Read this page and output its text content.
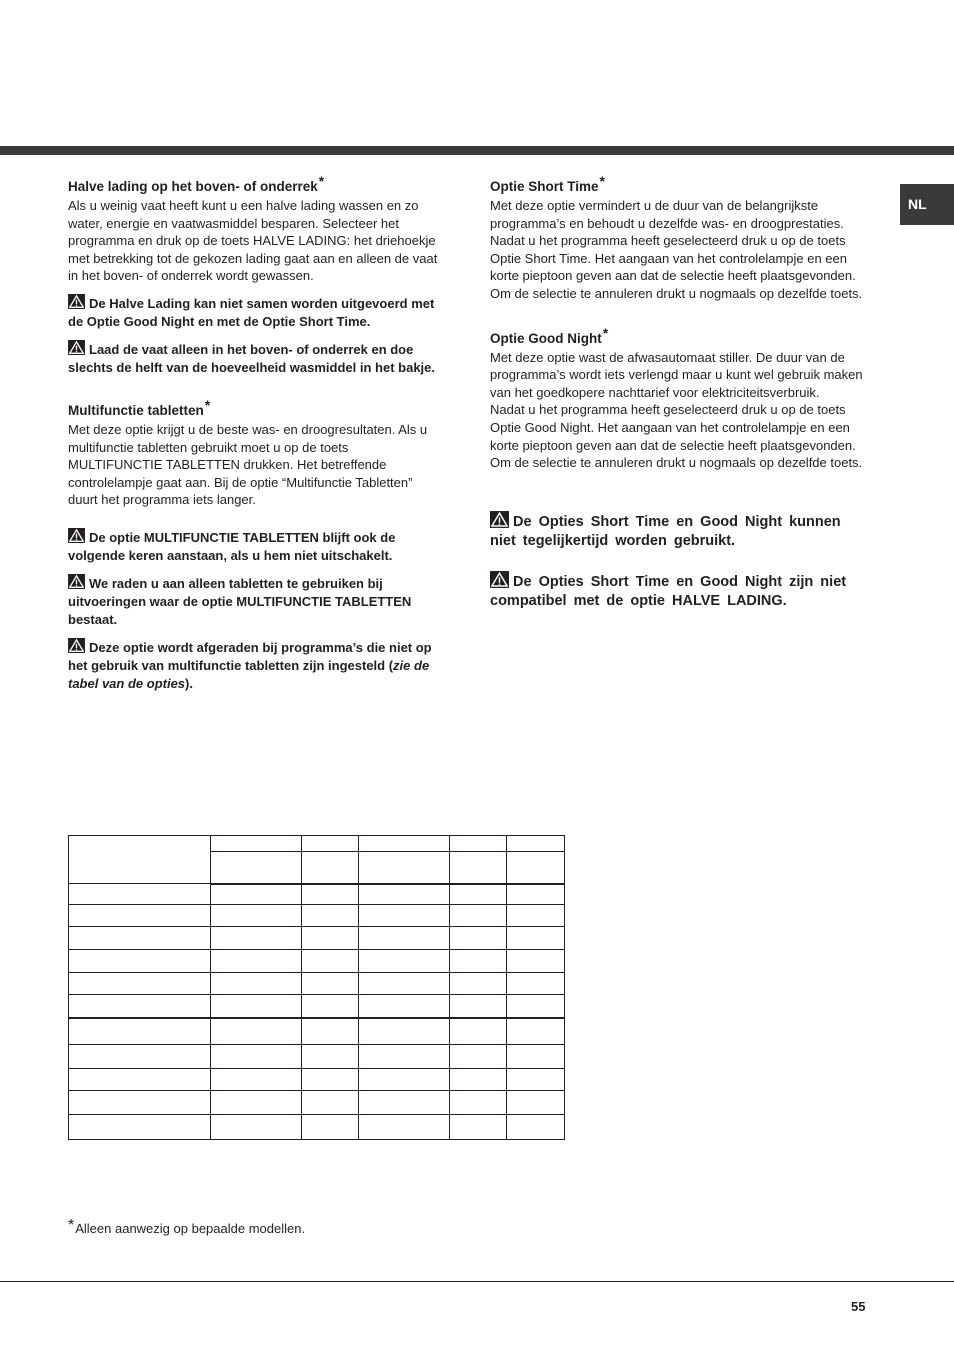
NL
Halve lading op het boven- of onderrek*

Als u weinig vaat heeft kunt u een halve lading wassen en zo water, energie en vaatwasmiddel besparen. Selecteer het programma en druk op de toets HALVE LADING: het driehoekje met betrekking tot de gekozen lading gaat aan en alleen de vaat in het boven- of onderrek wordt gewassen.

De Halve Lading kan niet samen worden uitgevoerd met de Optie Good Night en met de Optie Short Time.

Laad de vaat alleen in het boven- of onderrek en doe slechts de helft van de hoeveelheid wasmiddel in het bakje.

Multifunctie tabletten*

Met deze optie krijgt u de beste was- en droogresultaten. Als u multifunctie tabletten gebruikt moet u op de toets MULTIFUNCTIE TABLETTEN drukken. Het betreffende controlelampje gaat aan. Bij de optie “Multifunctie Tabletten” duurt het programma iets langer.

De optie MULTIFUNCTIE TABLETTEN blijft ook de volgende keren aanstaan, als u hem niet uitschakelt.

We raden u aan alleen tabletten te gebruiken bij uitvoeringen waar de optie MULTIFUNCTIE TABLETTEN bestaat.

Deze optie wordt afgeraden bij programma’s die niet op het gebruik van multifunctie tabletten zijn ingesteld (zie de tabel van de opties).

Optie Short Time*

Met deze optie vermindert u de duur van de belangrijkste programma’s en behoudt u dezelfde was- en droogprestaties. Nadat u het programma heeft geselecteerd druk u op de toets Optie Short Time. Het aangaan van het controlelampje en een korte pieptoon geven aan dat de selectie heeft plaatsgevonden.

Om de selectie te annuleren drukt u nogmaals op dezelfde toets.

Optie Good Night*

Met deze optie wast de afwasautomaat stiller. De duur van de programma’s wordt iets verlengd maar u kunt wel gebruik maken van het goedkopere nachttarief voor elektriciteitsverbruik.

Nadat u het programma heeft geselecteerd druk u op de toets Optie Good Night. Het aangaan van het controlelampje en een korte pieptoon geven aan dat de selectie heeft plaatsgevonden.

Om de selectie te annuleren drukt u nogmaals op dezelfde toets.

De Opties Short Time en Good Night kunnen niet tegelijkertijd worden gebruikt.

De Opties Short Time en Good Night zijn niet compatibel met de optie HALVE LADING.

*Alleen aanwezig op bepaalde modellen.
55
